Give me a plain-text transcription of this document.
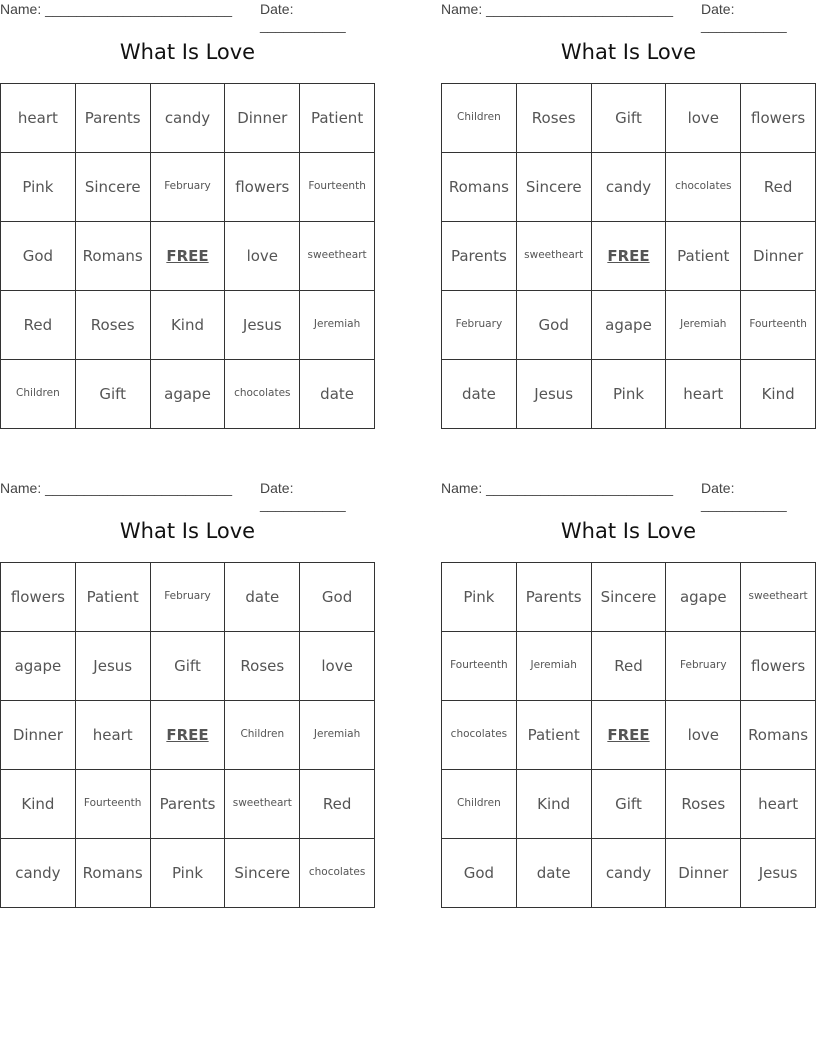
Name: ________________________ Date: ___________
What Is Love
heart	Parents	candy	Dinner	Patient
Pink	Sincere	February	flowers	Fourteenth
God	Romans	FREE	love	sweetheart
Red	Roses	Kind	Jesus	Jeremiah
Children	Gift	agape	chocolates	date
Name: ________________________ Date: ___________
What Is Love
Children	Roses	Gift	love	flowers
Romans	Sincere	candy	chocolates	Red
Parents	sweetheart	FREE	Patient	Dinner
February	God	agape	Jeremiah	Fourteenth
date	Jesus	Pink	heart	Kind
Name: ________________________ Date: ___________
What Is Love
flowers	Patient	February	date	God
agape	Jesus	Gift	Roses	love
Dinner	heart	FREE	Children	Jeremiah
Kind	Fourteenth	Parents	sweetheart	Red
candy	Romans	Pink	Sincere	chocolates
Name: ________________________ Date: ___________
What Is Love
Pink	Parents	Sincere	agape	sweetheart
Fourteenth	Jeremiah	Red	February	flowers
chocolates	Patient	FREE	love	Romans
Children	Kind	Gift	Roses	heart
God	date	candy	Dinner	Jesus
